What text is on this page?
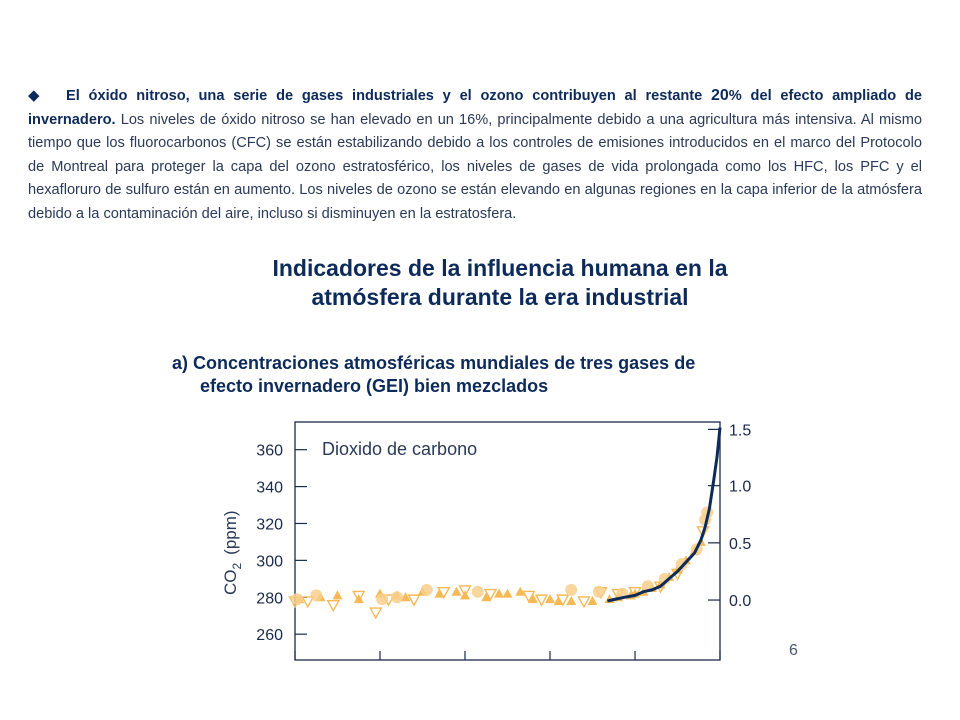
◆ El óxido nitroso, una serie de gases industriales y el ozono contribuyen al restante 20% del efecto ampliado de invernadero. Los niveles de óxido nitroso se han elevado en un 16%, principalmente debido a una agricultura más intensiva. Al mismo tiempo que los fluorocarbonos (CFC) se están estabilizando debido a los controles de emisiones introducidos en el marco del Protocolo de Montreal para proteger la capa del ozono estratosférico, los niveles de gases de vida prolongada como los HFC, los PFC y el hexafloruro de sulfuro están en aumento. Los niveles de ozono se están elevando en algunas regiones en la capa inferior de la atmósfera debido a la contaminación del aire, incluso si disminuyen en la estratosfera.

Indicadores de la influencia humana en la
atmósfera durante la era industrial
a) Concentraciones atmosféricas mundiales de tres gases de
efecto invernadero (GEI) bien mezclados
260
280
300
320
340
360
1.5
1.0
0.5
0.0
Dioxido de carbono
$CO_2(ppm)$
6
